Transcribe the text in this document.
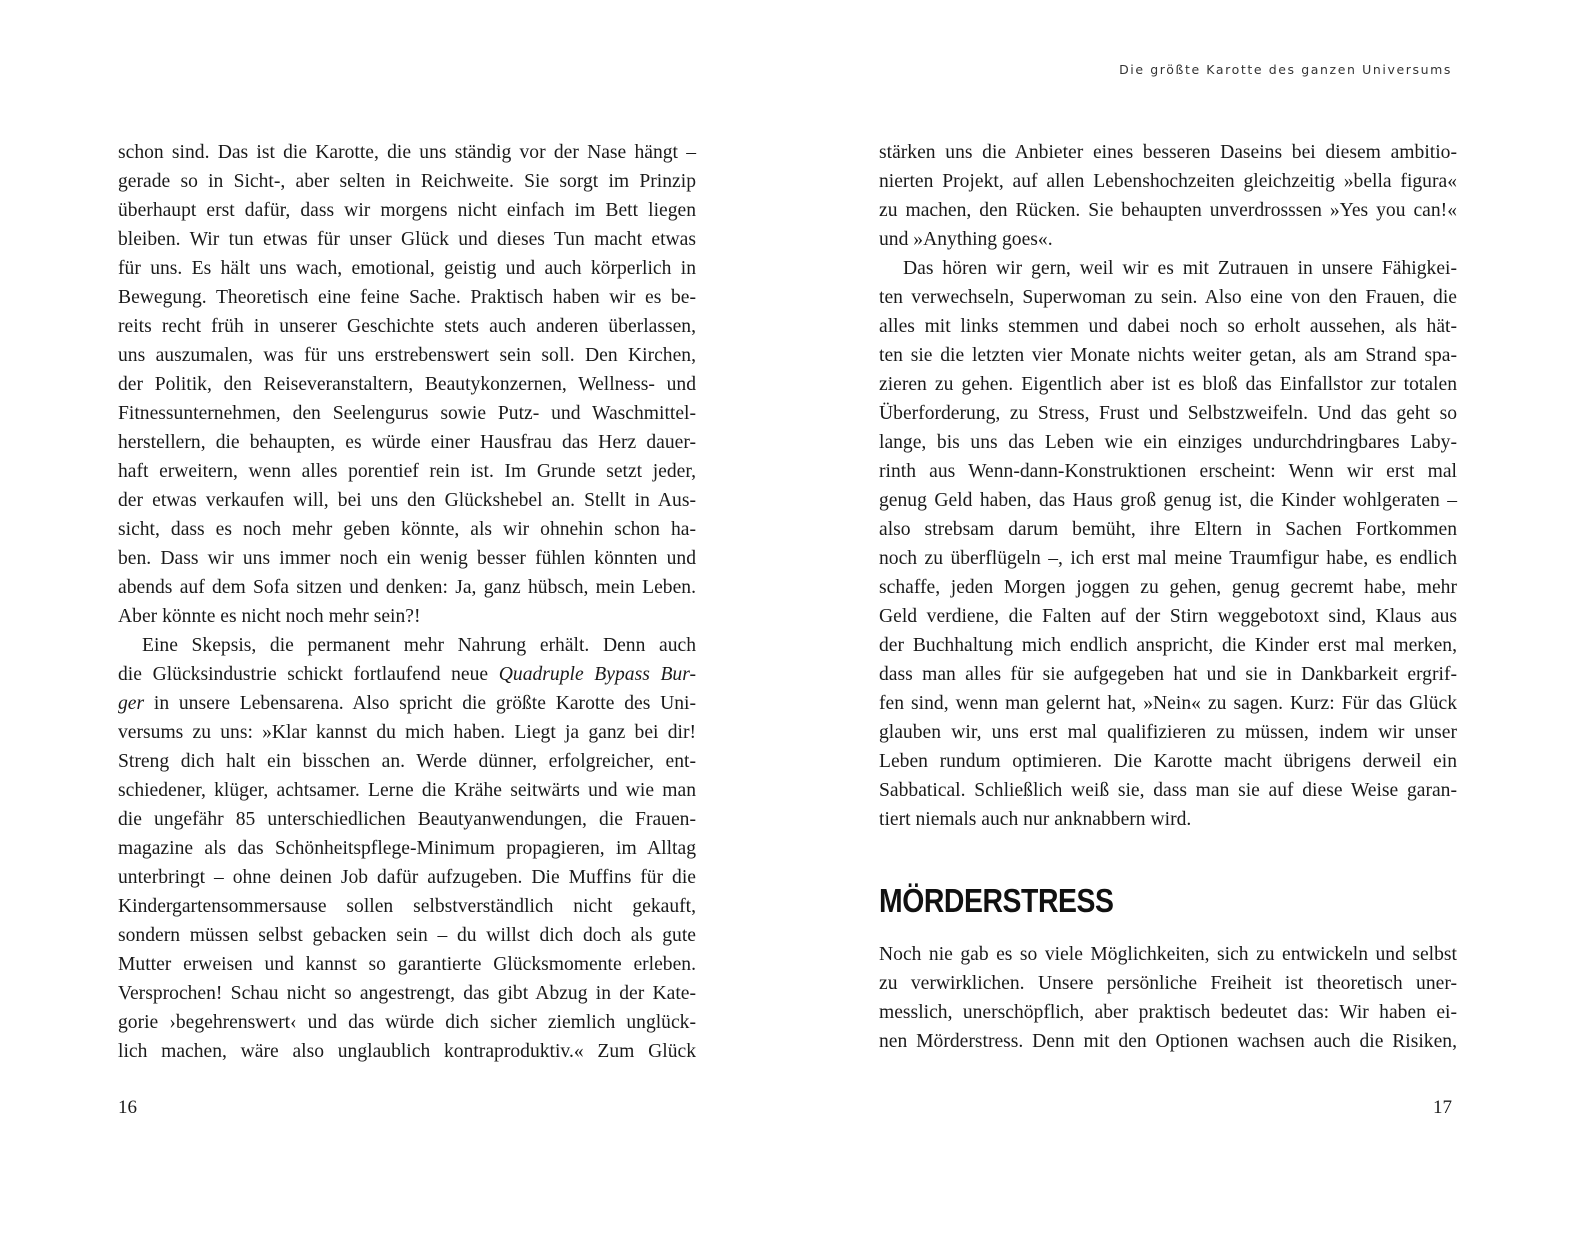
schon sind. Das ist die Karotte, die uns ständig vor der Nase hängt –
gerade so in Sicht-, aber selten in Reichweite. Sie sorgt im Prinzip
überhaupt erst dafür, dass wir morgens nicht einfach im Bett liegen
bleiben. Wir tun etwas für unser Glück und dieses Tun macht etwas
für uns. Es hält uns wach, emotional, geistig und auch körperlich in
Bewegung. Theoretisch eine feine Sache. Praktisch haben wir es be-
reits recht früh in unserer Geschichte stets auch anderen überlassen,
uns auszumalen, was für uns erstrebenswert sein soll. Den Kirchen,
der Politik, den Reiseveranstaltern, Beautykonzernen, Wellness- und
Fitnessunternehmen, den Seelengurus sowie Putz- und Waschmittel-
herstellern, die behaupten, es würde einer Hausfrau das Herz dauer-
haft erweitern, wenn alles porentief rein ist. Im Grunde setzt jeder,
der etwas verkaufen will, bei uns den Glückshebel an. Stellt in Aus-
sicht, dass es noch mehr geben könnte, als wir ohnehin schon ha-
ben. Dass wir uns immer noch ein wenig besser fühlen könnten und
abends auf dem Sofa sitzen und denken: Ja, ganz hübsch, mein Leben.
Aber könnte es nicht noch mehr sein?!
Eine Skepsis, die permanent mehr Nahrung erhält. Denn auch
die Glücksindustrie schickt fortlaufend neue Quadruple Bypass Bur-
ger in unsere Lebensarena. Also spricht die größte Karotte des Uni-
versums zu uns: »Klar kannst du mich haben. Liegt ja ganz bei dir!
Streng dich halt ein bisschen an. Werde dünner, erfolgreicher, ent-
schiedener, klüger, achtsamer. Lerne die Krähe seitwärts und wie man
die ungefähr 85 unterschiedlichen Beautyanwendungen, die Frauen-
magazine als das Schönheitspflege-Minimum propagieren, im Alltag
unterbringt – ohne deinen Job dafür aufzugeben. Die Muffins für die
Kindergartensommersause sollen selbstverständlich nicht gekauft,
sondern müssen selbst gebacken sein – du willst dich doch als gute
Mutter erweisen und kannst so garantierte Glücksmomente erleben.
Versprochen! Schau nicht so angestrengt, das gibt Abzug in der Kate-
gorie ›begehrenswert‹ und das würde dich sicher ziemlich unglück-
lich machen, wäre also unglaublich kontraproduktiv.« Zum Glück
16
Die größte Karotte des ganzen Universums
stärken uns die Anbieter eines besseren Daseins bei diesem ambitio-
nierten Projekt, auf allen Lebenshochzeiten gleichzeitig »bella figura«
zu machen, den Rücken. Sie behaupten unverdrosssen »Yes you can!«
und »Anything goes«.
Das hören wir gern, weil wir es mit Zutrauen in unsere Fähigkei-
ten verwechseln, Superwoman zu sein. Also eine von den Frauen, die
alles mit links stemmen und dabei noch so erholt aussehen, als hät-
ten sie die letzten vier Monate nichts weiter getan, als am Strand spa-
zieren zu gehen. Eigentlich aber ist es bloß das Einfallstor zur totalen
Überforderung, zu Stress, Frust und Selbstzweifeln. Und das geht so
lange, bis uns das Leben wie ein einziges undurchdringbares Laby-
rinth aus Wenn-dann-Konstruktionen erscheint: Wenn wir erst mal
genug Geld haben, das Haus groß genug ist, die Kinder wohlgeraten –
also strebsam darum bemüht, ihre Eltern in Sachen Fortkommen
noch zu überflügeln –, ich erst mal meine Traumfigur habe, es endlich
schaffe, jeden Morgen joggen zu gehen, genug gecremt habe, mehr
Geld verdiene, die Falten auf der Stirn weggebotoxt sind, Klaus aus
der Buchhaltung mich endlich anspricht, die Kinder erst mal merken,
dass man alles für sie aufgegeben hat und sie in Dankbarkeit ergrif-
fen sind, wenn man gelernt hat, »Nein« zu sagen. Kurz: Für das Glück
glauben wir, uns erst mal qualifizieren zu müssen, indem wir unser
Leben rundum optimieren. Die Karotte macht übrigens derweil ein
Sabbatical. Schließlich weiß sie, dass man sie auf diese Weise garan-
tiert niemals auch nur anknabbern wird.
MÖRDERSTRESS
Noch nie gab es so viele Möglichkeiten, sich zu entwickeln und selbst
zu verwirklichen. Unsere persönliche Freiheit ist theoretisch uner-
messlich, unerschöpflich, aber praktisch bedeutet das: Wir haben ei-
nen Mörderstress. Denn mit den Optionen wachsen auch die Risiken,
17
